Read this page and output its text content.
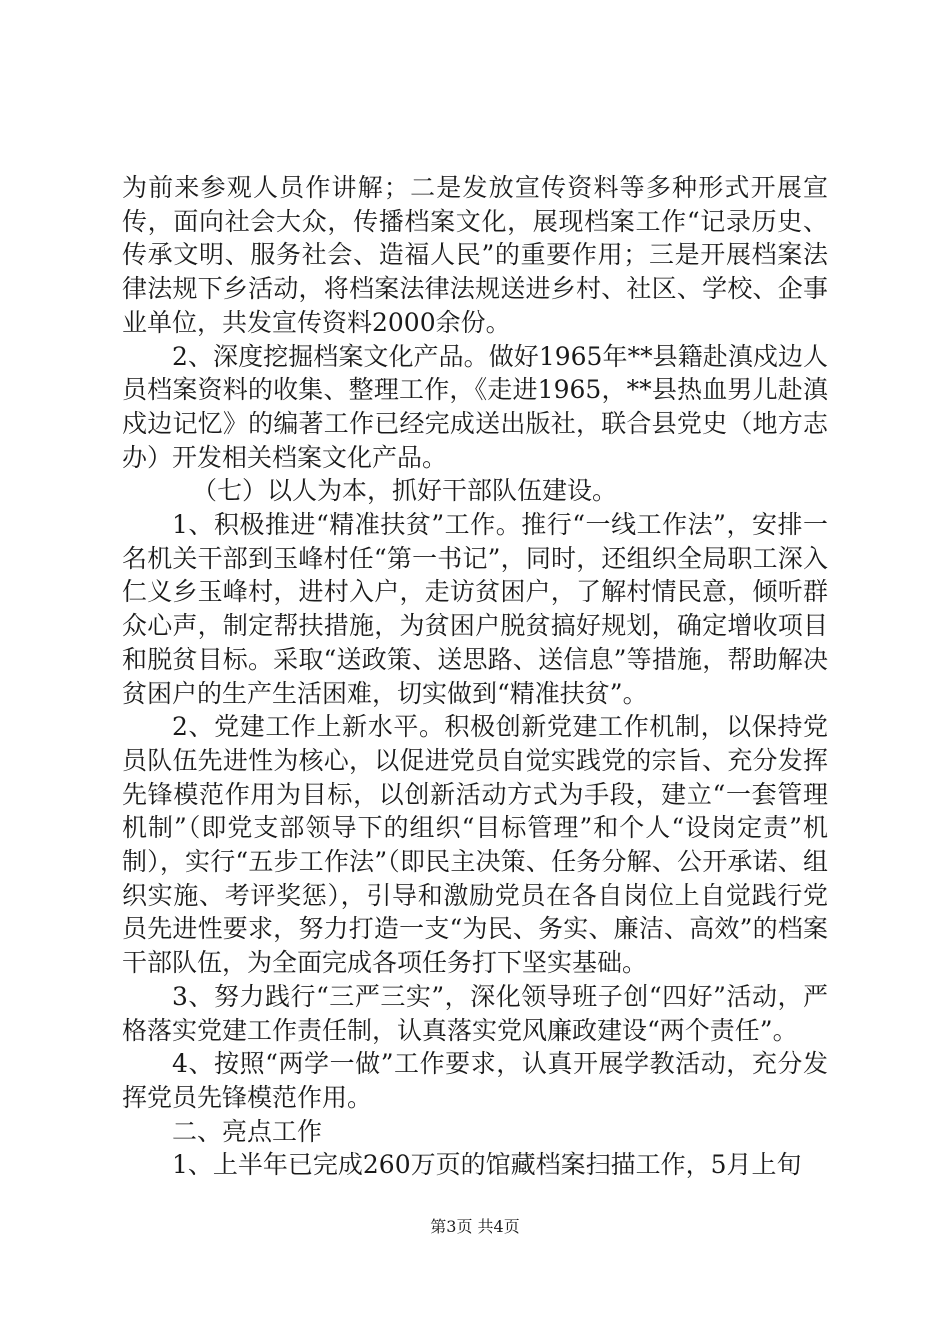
为前来参观人员作讲解；二是发放宣传资料等多种形式开展宣传，面向社会大众，传播档案文化，展现档案工作“记录历史、传承文明、服务社会、造福人民”的重要作用；三是开展档案法律法规下乡活动，将档案法律法规送进乡村、社区、学校、企事业单位，共发宣传资料2000余份。

2、深度挖掘档案文化产品。做好1965年**县籍赴滇戍边人员档案资料的收集、整理工作，《走进1965，**县热血男儿赴滇戍边记忆》的编著工作已经完成送出版社，联合县党史（地方志办）开发相关档案文化产品。

（七）以人为本，抓好干部队伍建设。

1、积极推进“精准扶贫”工作。推行“一线工作法”，安排一名机关干部到玉峰村任“第一书记”，同时，还组织全局职工深入仁义乡玉峰村，进村入户，走访贫困户，了解村情民意，倾听群众心声，制定帮扶措施，为贫困户脱贫搞好规划，确定增收项目和脱贫目标。采取“送政策、送思路、送信息”等措施，帮助解决贫困户的生产生活困难，切实做到“精准扶贫”。

2、党建工作上新水平。积极创新党建工作机制，以保持党员队伍先进性为核心，以促进党员自觉实践党的宗旨、充分发挥先锋模范作用为目标，以创新活动方式为手段，建立“一套管理机制”（即党支部领导下的组织“目标管理”和个人“设岗定责”机制），实行“五步工作法”（即民主决策、任务分解、公开承诺、组织实施、考评奖惩），引导和激励党员在各自岗位上自觉践行党员先进性要求，努力打造一支“为民、务实、廉洁、高效”的档案干部队伍，为全面完成各项任务打下坚实基础。

3、努力践行“三严三实”，深化领导班子创“四好”活动，严格落实党建工作责任制，认真落实党风廉政建设“两个责任”。

4、按照“两学一做”工作要求，认真开展学教活动，充分发挥党员先锋模范作用。

二、亮点工作

1、上半年已完成260万页的馆藏档案扫描工作，5月上旬

第3页 共4页
